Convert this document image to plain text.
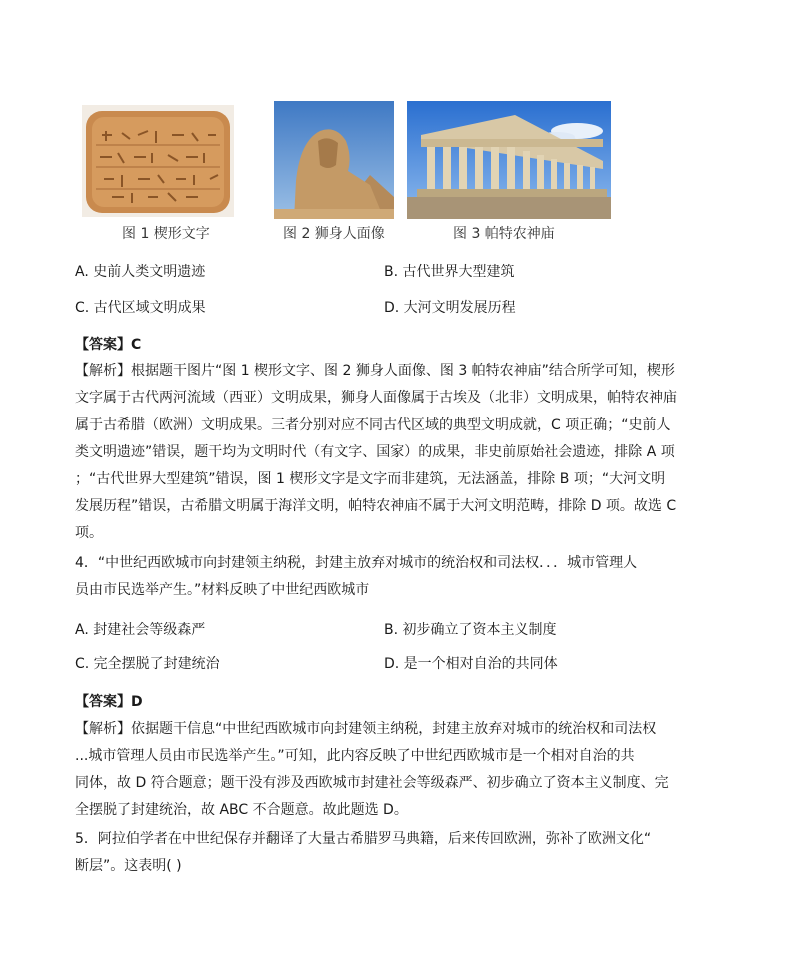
图 1 楔形文字	图 2 狮身人面像	图 3 帕特农神庙
A. 史前人类文明遗迹	B. 古代世界大型建筑
C. 古代区域文明成果	D. 大河文明发展历程
【答案】C
【解析】根据题干图片“图 1 楔形文字、图 2 狮身人面像、图 3 帕特农神庙”结合所学可知，楔形
文字属于古代两河流域（西亚）文明成果，狮身人面像属于古埃及（北非）文明成果，帕特农神庙
属于古希腊（欧洲）文明成果。三者分别对应不同古代区域的典型文明成就，C 项正确；“史前人
类文明遗迹”错误，题干均为文明时代（有文字、国家）的成果，非史前原始社会遗迹，排除 A 项
；“古代世界大型建筑”错误，图 1 楔形文字是文字而非建筑，无法涵盖，排除 B 项；“大河文明
发展历程”错误，古希腊文明属于海洋文明，帕特农神庙不属于大河文明范畴，排除 D 项。故选 C
项。
4．“中世纪西欧城市向封建领主纳税，封建主放弃对城市的统治权和司法权．．．城市管理人
员由市民选举产生。”材料反映了中世纪西欧城市
A. 封建社会等级森严	B. 初步确立了资本主义制度
C. 完全摆脱了封建统治	D. 是一个相对自治的共同体
【答案】D
【解析】依据题干信息“中世纪西欧城市向封建领主纳税，封建主放弃对城市的统治权和司法权
...城市管理人员由市民选举产生。”可知，此内容反映了中世纪西欧城市是一个相对自治的共
同体，故 D 符合题意；题干没有涉及西欧城市封建社会等级森严、初步确立了资本主义制度、完
全摆脱了封建统治，故 ABC 不合题意。故此题选 D。
5．阿拉伯学者在中世纪保存并翻译了大量古希腊罗马典籍，后来传回欧洲，弥补了欧洲文化“
断层”。这表明( )
